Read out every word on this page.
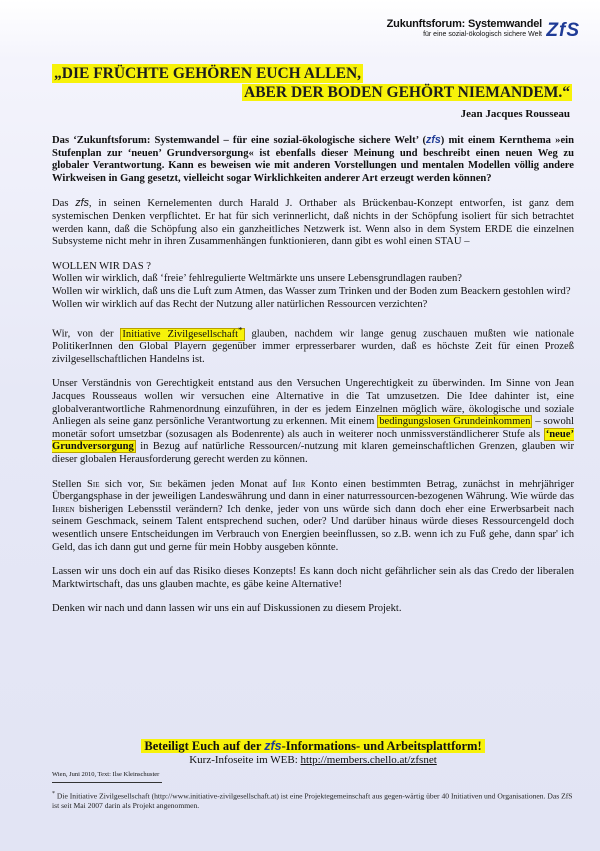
Zukunftsforum: Systemwandel
für eine sozial-ökologisch sichere Welt ZfS
„DIE FRÜCHTE GEHÖREN EUCH ALLEN,
ABER DER BODEN GEHÖRT NIEMANDEM.“
Jean Jacques Rousseau

Das ‘Zukunftsforum: Systemwandel – für eine sozial-ökologische sichere Welt’ (zfs) mit einem Kernthema »ein Stufenplan zur ‘neuen’ Grundversorgung« ist ebenfalls dieser Meinung und beschreibt einen neuen Weg zu globaler Verantwortung. Kann es beweisen wie mit anderen Vorstellungen und mentalen Modellen völlig andere Wirkweisen in Gang gesetzt, vielleicht sogar Wirklichkeiten anderer Art erzeugt werden können?

Das zfs, in seinen Kernelementen durch Harald J. Orthaber als Brückenbau-Konzept entworfen, ist ganz dem systemischen Denken verpflichtet. Er hat für sich verinnerlicht, daß nichts in der Schöpfung isoliert für sich betrachtet werden kann, daß die Schöpfung also ein ganzheitliches Netzwerk ist. Wenn also in dem System ERDE die einzelnen Subsysteme nicht mehr in ihren Zusammenhängen funktionieren, dann gibt es wohl einen STAU –

WOLLEN WIR DAS ?

Wollen wir wirklich, daß ‘freie’ fehlregulierte Weltmärkte uns unsere Lebensgrundlagen rauben?

Wollen wir wirklich, daß uns die Luft zum Atmen, das Wasser zum Trinken und der Boden zum Beackern gestohlen wird?

Wollen wir wirklich auf das Recht der Nutzung aller natürlichen Ressourcen verzichten?

Wir, von der Initiative Zivilgesellschaft* glauben, nachdem wir lange genug zuschauen mußten wie nationale PolitikerInnen den Global Playern gegenüber immer erpresserbarer wurden, daß es höchste Zeit für einen Prozeß zivilgesellschaftlichen Handelns ist.

Unser Verständnis von Gerechtigkeit entstand aus den Versuchen Ungerechtigkeit zu überwinden. Im Sinne von Jean Jacques Rousseaus wollen wir versuchen eine Alternative in die Tat umzusetzen. Die Idee dahinter ist, eine globalverantwortliche Rahmenordnung einzuführen, in der es jedem Einzelnen möglich wäre, ökologische und soziale Anliegen als seine ganz persönliche Verantwortung zu erkennen. Mit einem bedingungslosen Grundeinkommen – sowohl monetär sofort umsetzbar (sozusagen als Bodenrente) als auch in weiterer noch unmissverständlicherer Stufe als ‘neue’ Grundversorgung in Bezug auf natürliche Ressourcen/-nutzung mit klaren gemeinschaftlichen Grenzen, glauben wir dieser globalen Herausforderung gerecht werden zu können.

Stellen Sie sich vor, Sie bekämen jeden Monat auf Ihr Konto einen bestimmten Betrag, zunächst in mehrjähriger Übergangsphase in der jeweiligen Landeswährung und dann in einer naturressourcen-bezogenen Währung. Wie würde das Ihren bisherigen Lebensstil verändern? Ich denke, jeder von uns würde sich dann doch eher eine Erwerbsarbeit nach seinem Geschmack, seinem Talent entsprechend suchen, oder? Und darüber hinaus würde dieses Ressourcengeld doch wesentlich unsere Entscheidungen im Verbrauch von Energien beeinflussen, so z.B. wenn ich zu Fuß gehe, dann spar' ich Geld, das ich dann gut und gerne für mein Hobby ausgeben könnte.

Lassen wir uns doch ein auf das Risiko dieses Konzepts! Es kann doch nicht gefährlicher sein als das Credo der liberalen Marktwirtschaft, das uns glauben machte, es gäbe keine Alternative!

Denken wir nach und dann lassen wir uns ein auf Diskussionen zu diesem Projekt.

Beteiligt Euch auf der zfs-Informations- und Arbeitsplattform!
Kurz-Infoseite im WEB: http://members.chello.at/zfsnet
Wien, Juni 2010, Text: Ilse Kleinschuster
* Die Initiative Zivilgesellschaft (http://www.initiative-zivilgesellschaft.at) ist eine Projektegemeinschaft aus gegen-wärtig über 40 Initiativen und Organisationen. Das ZfS ist seit Mai 2007 darin als Projekt angenommen.
